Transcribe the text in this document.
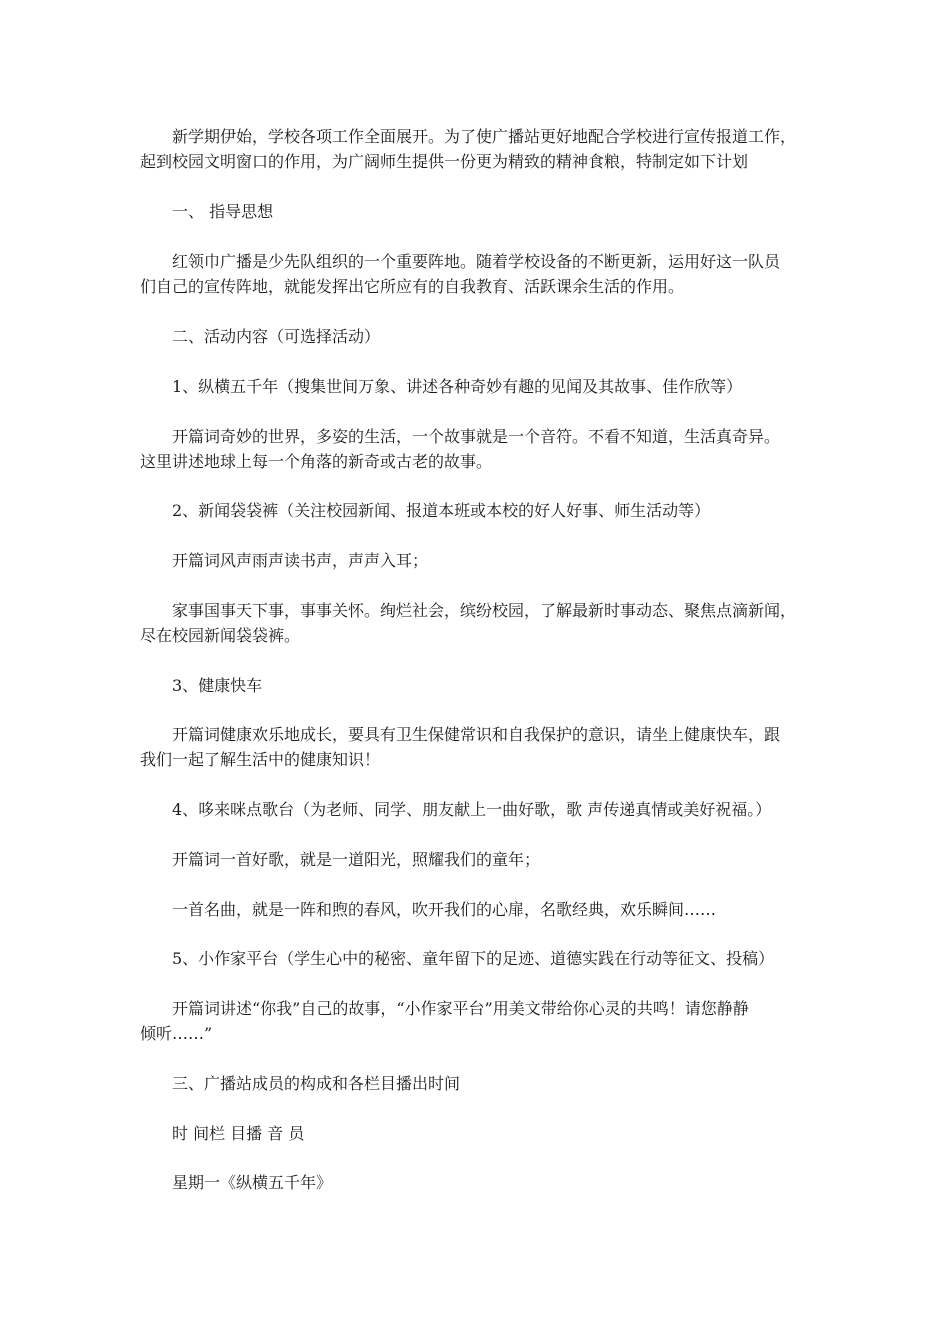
新学期伊始，学校各项工作全面展开。为了使广播站更好地配合学校进行宣传报道工作，
起到校园文明窗口的作用，为广阔师生提供一份更为精致的精神食粮，特制定如下计划

一、 指导思想

红领巾广播是少先队组织的一个重要阵地。随着学校设备的不断更新，运用好这一队员
们自己的宣传阵地，就能发挥出它所应有的自我教育、活跃课余生活的作用。

二、活动内容（可选择活动）

1、纵横五千年（搜集世间万象、讲述各种奇妙有趣的见闻及其故事、佳作欣等）

开篇词奇妙的世界，多姿的生活，一个故事就是一个音符。不看不知道，生活真奇异。
这里讲述地球上每一个角落的新奇或古老的故事。

2、新闻袋袋裤（关注校园新闻、报道本班或本校的好人好事、师生活动等）

开篇词风声雨声读书声，声声入耳；

家事国事天下事，事事关怀。绚烂社会，缤纷校园，了解最新时事动态、聚焦点滴新闻，
尽在校园新闻袋袋裤。

3、健康快车

开篇词健康欢乐地成长，要具有卫生保健常识和自我保护的意识，请坐上健康快车，跟
我们一起了解生活中的健康知识！

4、哆来咪点歌台（为老师、同学、朋友献上一曲好歌，歌 声传递真情或美好祝福。）

开篇词一首好歌，就是一道阳光，照耀我们的童年；

一首名曲，就是一阵和煦的春风，吹开我们的心扉，名歌经典，欢乐瞬间……

5、小作家平台（学生心中的秘密、童年留下的足迹、道德实践在行动等征文、投稿）

开篇词讲述“你我”自己的故事，“小作家平台”用美文带给你心灵的共鸣！请您静静
倾听……”

三、广播站成员的构成和各栏目播出时间

时 间栏 目播 音 员

星期一《纵横五千年》
